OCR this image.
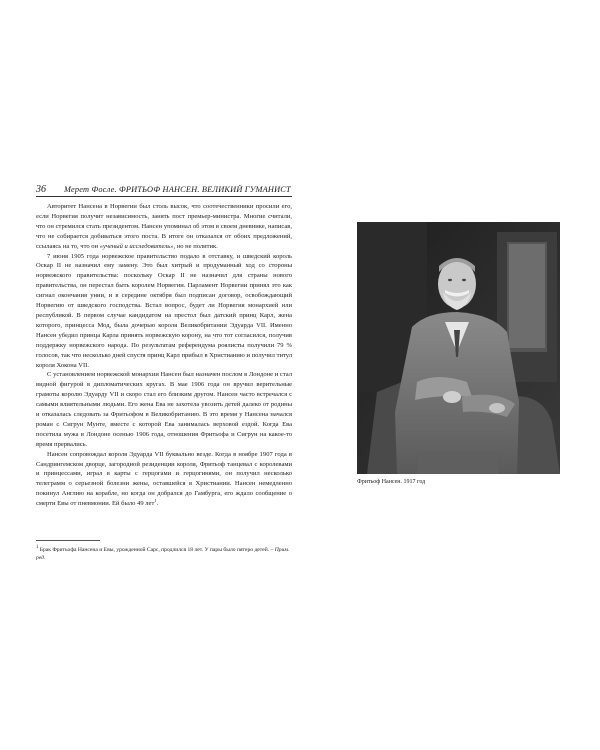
36 Мерет Фосле. ФРИТЬОФ НАНСЕН. ВЕЛИКИЙ ГУМАНИСТ

Авторитет Нансена в Норвегии был столь высок, что соотечественники просили его, если Норвегия получит независимость, занять пост премьер-министра. Многие считали, что он стремился стать президентом. Нансен упоминал об этом в своем дневнике, написав, что не собирается добиваться этого поста. В итоге он отказался от обоих предложений, ссылаясь на то, что он «ученый и исследователь», но не политик.

7 июня 1905 года норвежское правительство подало в отставку, и шведский король Оскар II не назначил ему замену. Это был хитрый и продуманный ход со стороны норвежского правительства: поскольку Оскар II не назначил для страны нового правительства, он перестал быть королем Норвегии. Парламент Норвегии принял это как сигнал окончания унии, и в середине октября был подписан договор, освобождающий Норвегию от шведского господства. Встал вопрос, будет ли Норвегия монархией или республикой. В первом случае кандидатом на престол был датский принц Карл, жена которого, принцесса Мод, была дочерью короля Великобритании Эдуарда VII. Именно Нансен убедил принца Карла принять норвежскую корону, на что тот согласился, получив поддержку норвежского народа. По результатам референдума роялисты получили 79 % голосов, так что несколько дней спустя принц Карл прибыл в Христианию и получил титул короля Хокона VII.

С установлением норвежской монархии Нансен был назначен послом в Лондоне и стал видной фигурой в дипломатических кругах. В мае 1906 года он вручил верительные грамоты королю Эдуарду VII и скоро стал его близким другом. Нансен часто встречался с самыми влиятельными людьми. Его жена Ева не захотела увозить детей далеко от родины и отказалась следовать за Фритьофом в Великобританию. В это время у Нансена начался роман с Сигрун Мунте, вместе с которой Ева занималась верховой ездой. Когда Ева посетила мужа в Лондоне осенью 1906 года, отношения Фритьофа и Сигрун на какое-то время прервались.

Нансен сопровождал короля Эдуарда VII буквально везде. Когда в ноябре 1907 года в Сандрингемском дворце, загородной резиденции короля, Фритьоф танцевал с королевами и принцессами, играл в карты с герцогами и герцогинями, он получил несколько телеграмм о серьезной болезни жены, оставшейся в Христиании. Нансен немедленно покинул Англию на корабле, но когда он добрался до Гамбурга, его ждало сообщение о смерти Евы от пневмонии. Ей было 49 лет$^1$.

$^1$ Брак Фритьофа Нансена и Евы, урожденной Сарс, продлился 18 лет. У пары было пятеро детей. – Прим. ред.
Фритьоф Нансен. 1917 год
